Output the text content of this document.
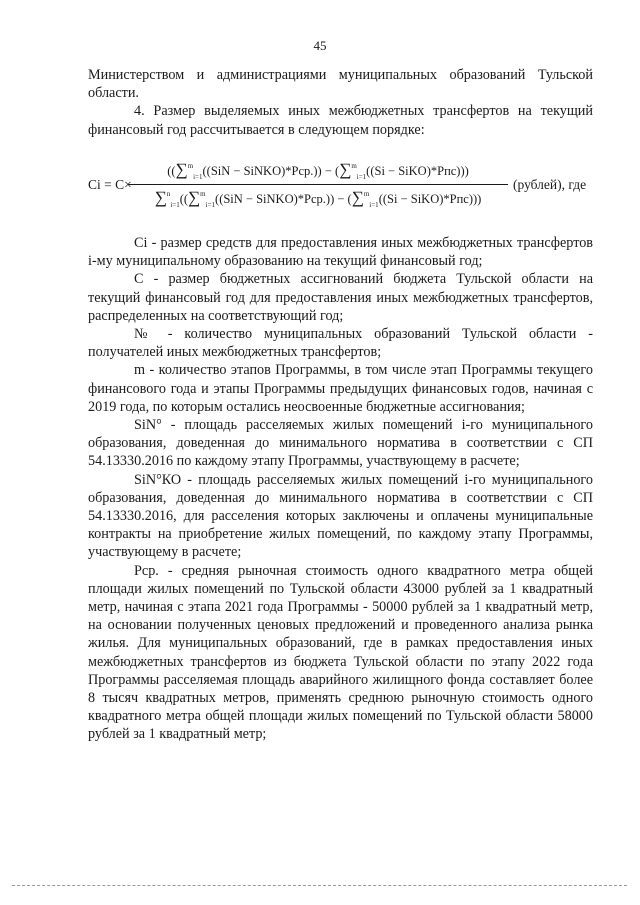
45

Министерством и администрациями муниципальных образований Тульской области.

4. Размер выделяемых иных межбюджетных трансфертов на текущий финансовый год рассчитывается в следующем порядке:

Ci = C×
((∑$^m_{i=1}$((SiN − SiNKO)*Pcp.)) − (∑$^m_{i=1}$((Si − SiKO)*Pпс)))
∑$^n_{i=1}$((∑$^m_{i=1}$((SiN − SiNKO)*Pcp.)) − (∑$^m_{i=1}$((Si − SiKO)*Pпс)))
(рублей), где

Ci - размер средств для предоставления иных межбюджетных трансфертов i-му муниципальному образованию на текущий финансовый год;

С - размер бюджетных ассигнований бюджета Тульской области на текущий финансовый год для предоставления иных межбюджетных трансфертов, распределенных на соответствующий год;

№ - количество муниципальных образований Тульской области - получателей иных межбюджетных трансфертов;

m - количество этапов Программы, в том числе этап Программы текущего финансового года и этапы Программы предыдущих финансовых годов, начиная с 2019 года, по которым остались неосвоенные бюджетные ассигнования;

SiN° - площадь расселяемых жилых помещений i-го муниципального образования, доведенная до минимального норматива в соответствии с СП 54.13330.2016 по каждому этапу Программы, участвующему в расчете;

SiN°КО - площадь расселяемых жилых помещений i-го муниципального образования, доведенная до минимального норматива в соответствии с СП 54.13330.2016, для расселения которых заключены и оплачены муниципальные контракты на приобретение жилых помещений, по каждому этапу Программы, участвующему в расчете;

Pcp. - средняя рыночная стоимость одного квадратного метра общей площади жилых помещений по Тульской области 43000 рублей за 1 квадратный метр, начиная с этапа 2021 года Программы - 50000 рублей за 1 квадратный метр, на основании полученных ценовых предложений и проведенного анализа рынка жилья. Для муниципальных образований, где в рамках предоставления иных межбюджетных трансфертов из бюджета Тульской области по этапу 2022 года Программы расселяемая площадь аварийного жилищного фонда составляет более 8 тысяч квадратных метров, применять среднюю рыночную стоимость одного квадратного метра общей площади жилых помещений по Тульской области 58000 рублей за 1 квадратный метр;
